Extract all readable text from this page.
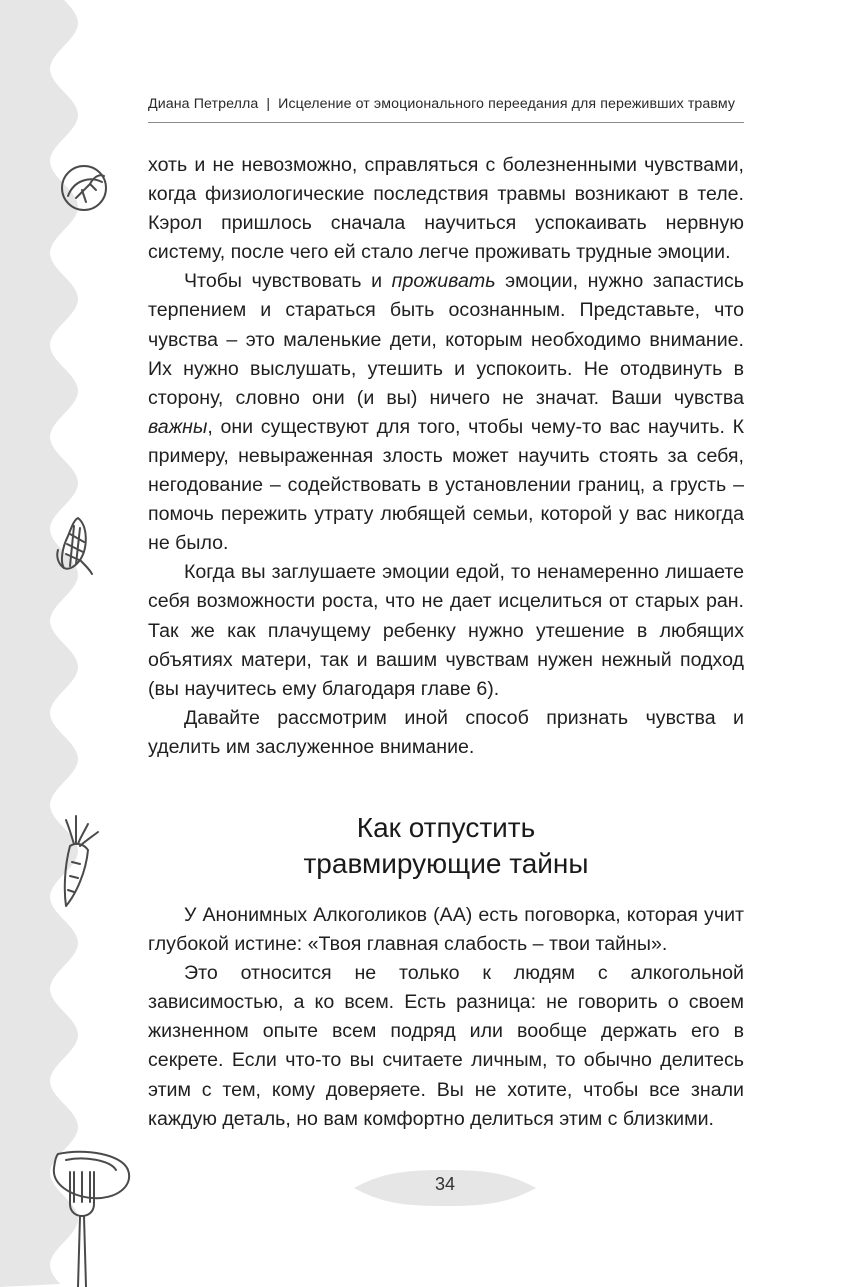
Диана Петрелла | Исцеление от эмоционального переедания для переживших травму

хоть и не невозможно, справляться с болезненными чувствами, когда физиологические последствия травмы возникают в теле. Кэрол пришлось сначала научиться успокаивать нервную систему, после чего ей стало легче проживать трудные эмоции.

Чтобы чувствовать и проживать эмоции, нужно запастись терпением и стараться быть осознанным. Представьте, что чувства – это маленькие дети, которым необходимо внимание. Их нужно выслушать, утешить и успокоить. Не отодвинуть в сторону, словно они (и вы) ничего не значат. Ваши чувства важны, они существуют для того, чтобы чему-то вас научить. К примеру, невыраженная злость может научить стоять за себя, негодование – содействовать в установлении границ, а грусть – помочь пережить утрату любящей семьи, которой у вас никогда не было.

Когда вы заглушаете эмоции едой, то ненамеренно лишаете себя возможности роста, что не дает исцелиться от старых ран. Так же как плачущему ребенку нужно утешение в любящих объятиях матери, так и вашим чувствам нужен нежный подход (вы научитесь ему благодаря главе 6).

Давайте рассмотрим иной способ признать чувства и уделить им заслуженное внимание.

Как отпустить
травмирующие тайны

У Анонимных Алкоголиков (АА) есть поговорка, которая учит глубокой истине: «Твоя главная слабость – твои тайны».

Это относится не только к людям с алкогольной зависимостью, а ко всем. Есть разница: не говорить о своем жизненном опыте всем подряд или вообще держать его в секрете. Если что-то вы считаете личным, то обычно делитесь этим с тем, кому доверяете. Вы не хотите, чтобы все знали каждую деталь, но вам комфортно делиться этим с близкими.

34
